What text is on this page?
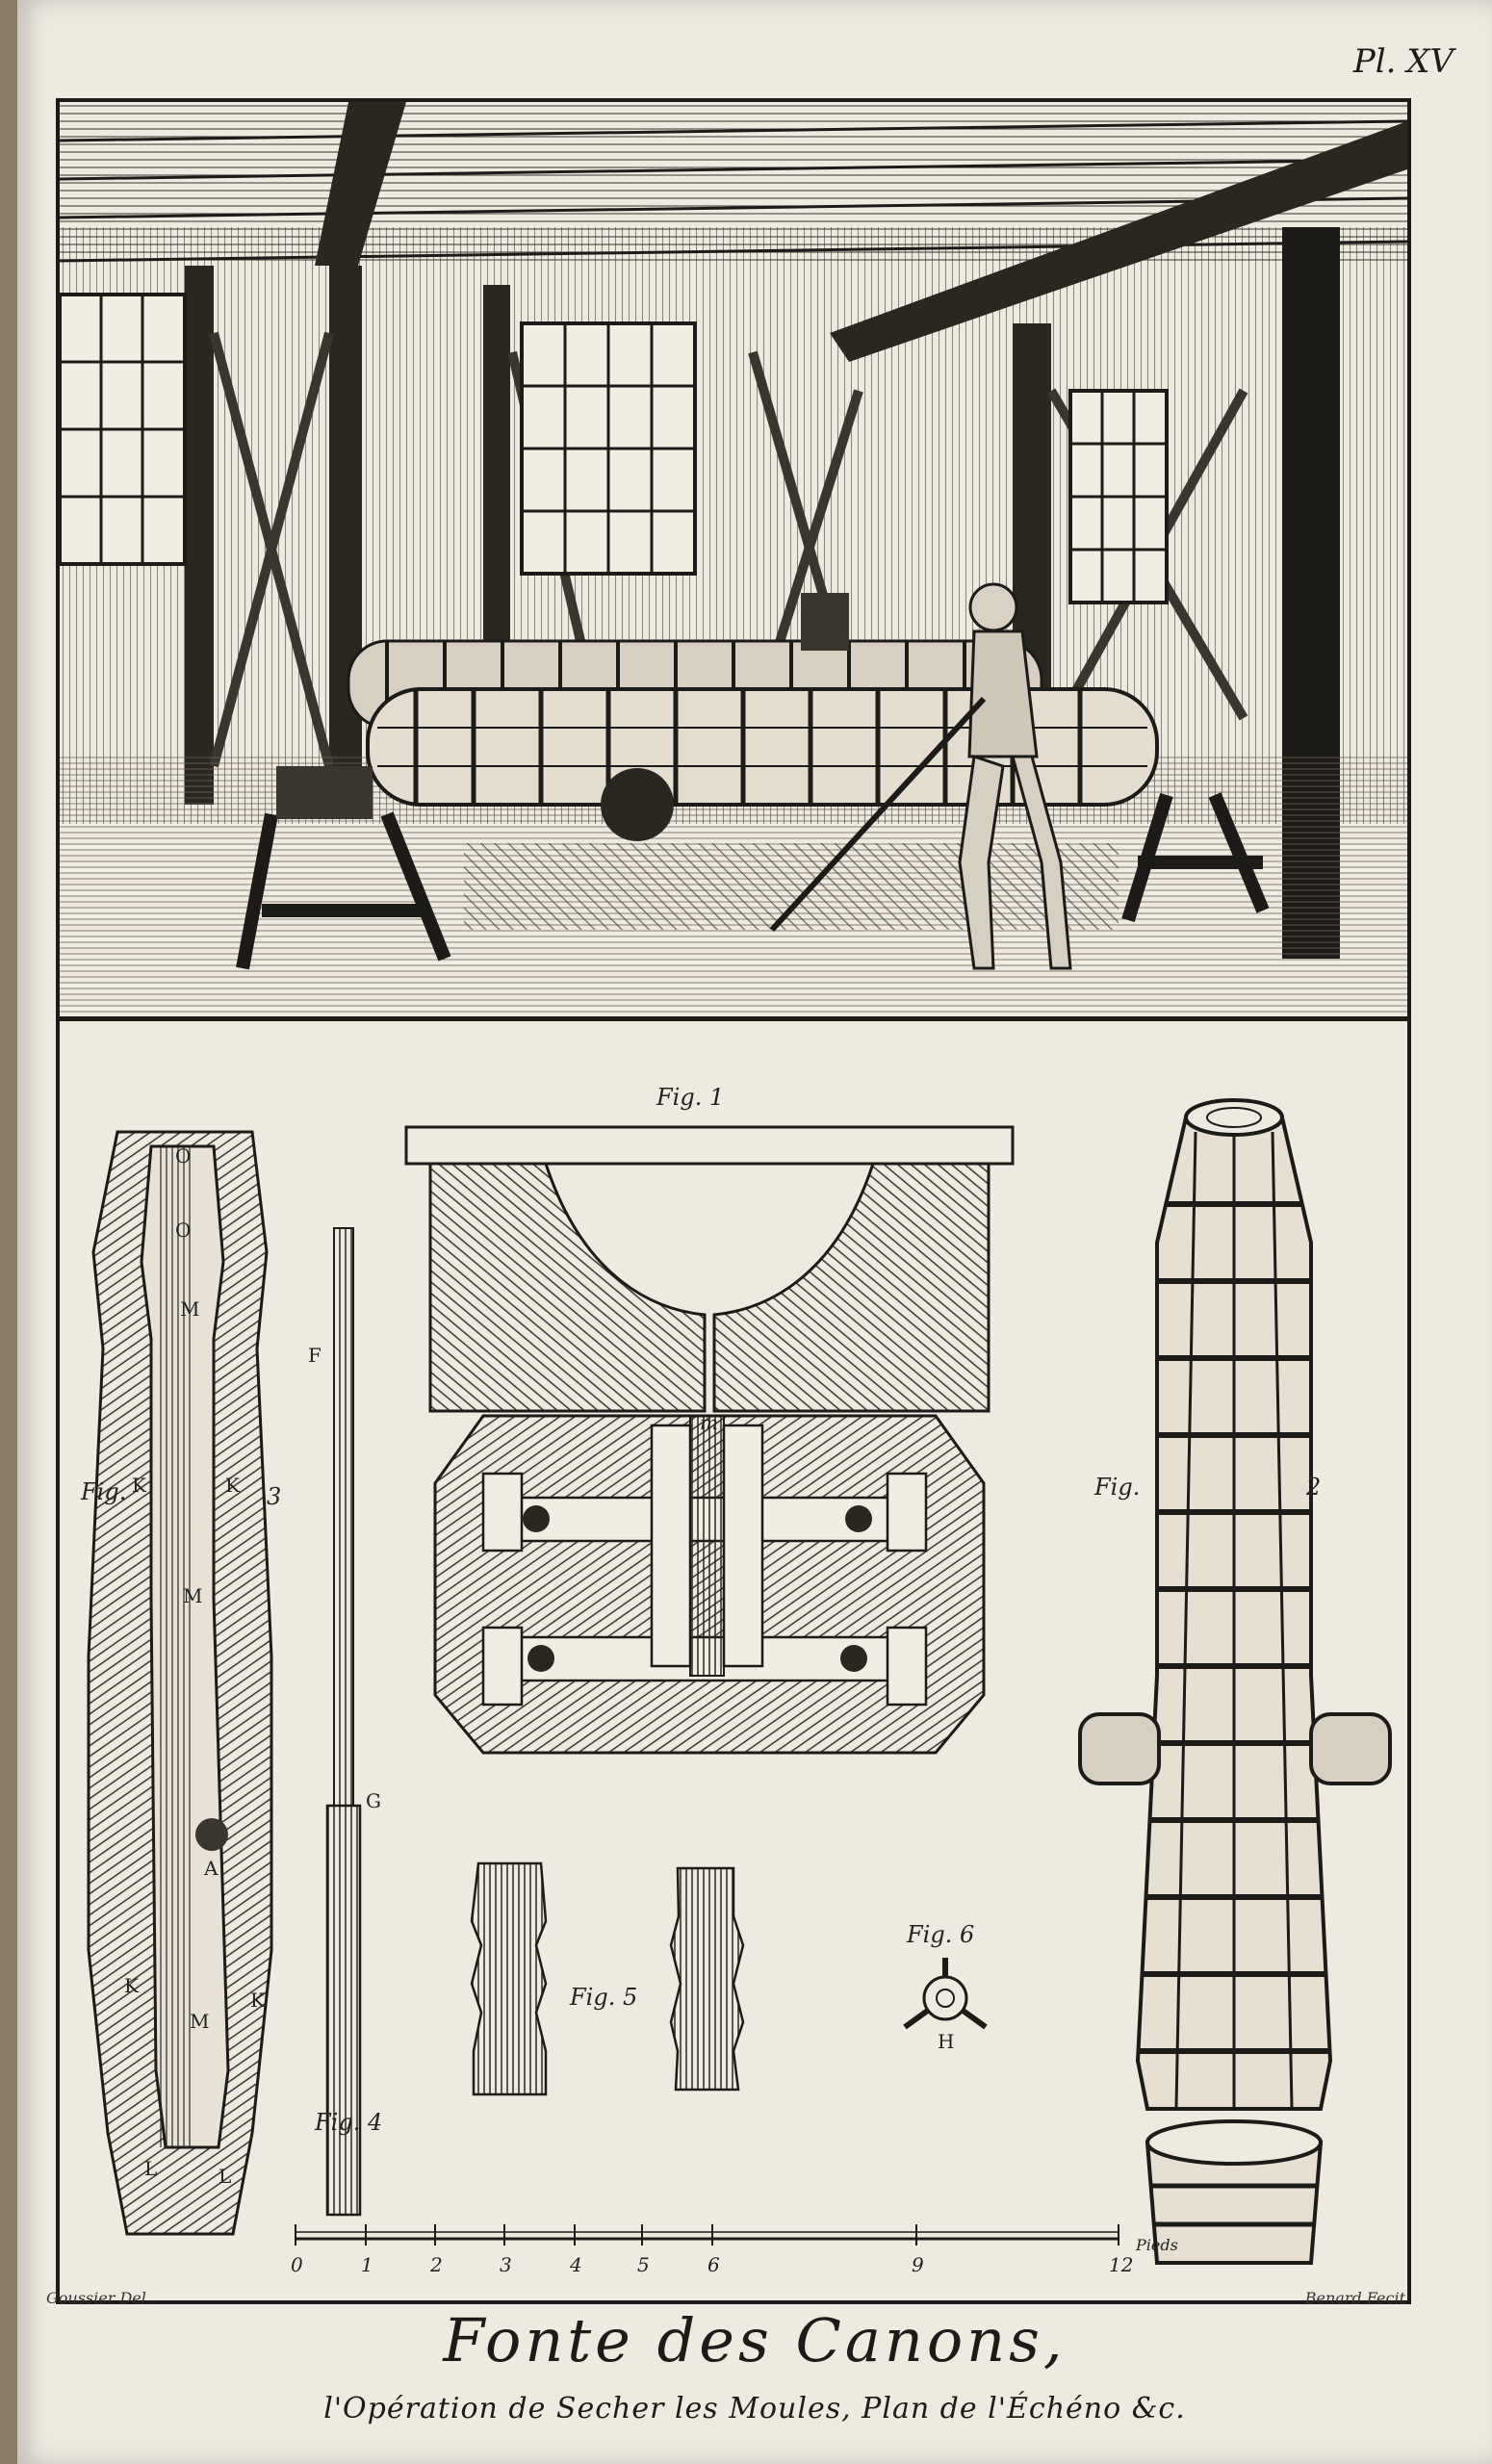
Pl. XV
Fig. 1
Fig.	2
Fig.	3
Fig. 4
Fig. 5
Fig. 6
O
O
M
M
M
K	K
K
K
A
L	L
F
G
m
H
0	1	2	3	4	5	6	9	12
Pieds
Goussier Del.	Benard Fecit
Fonte des Canons,
l'Opération de Secher les Moules, Plan de l'Échéno &c.
